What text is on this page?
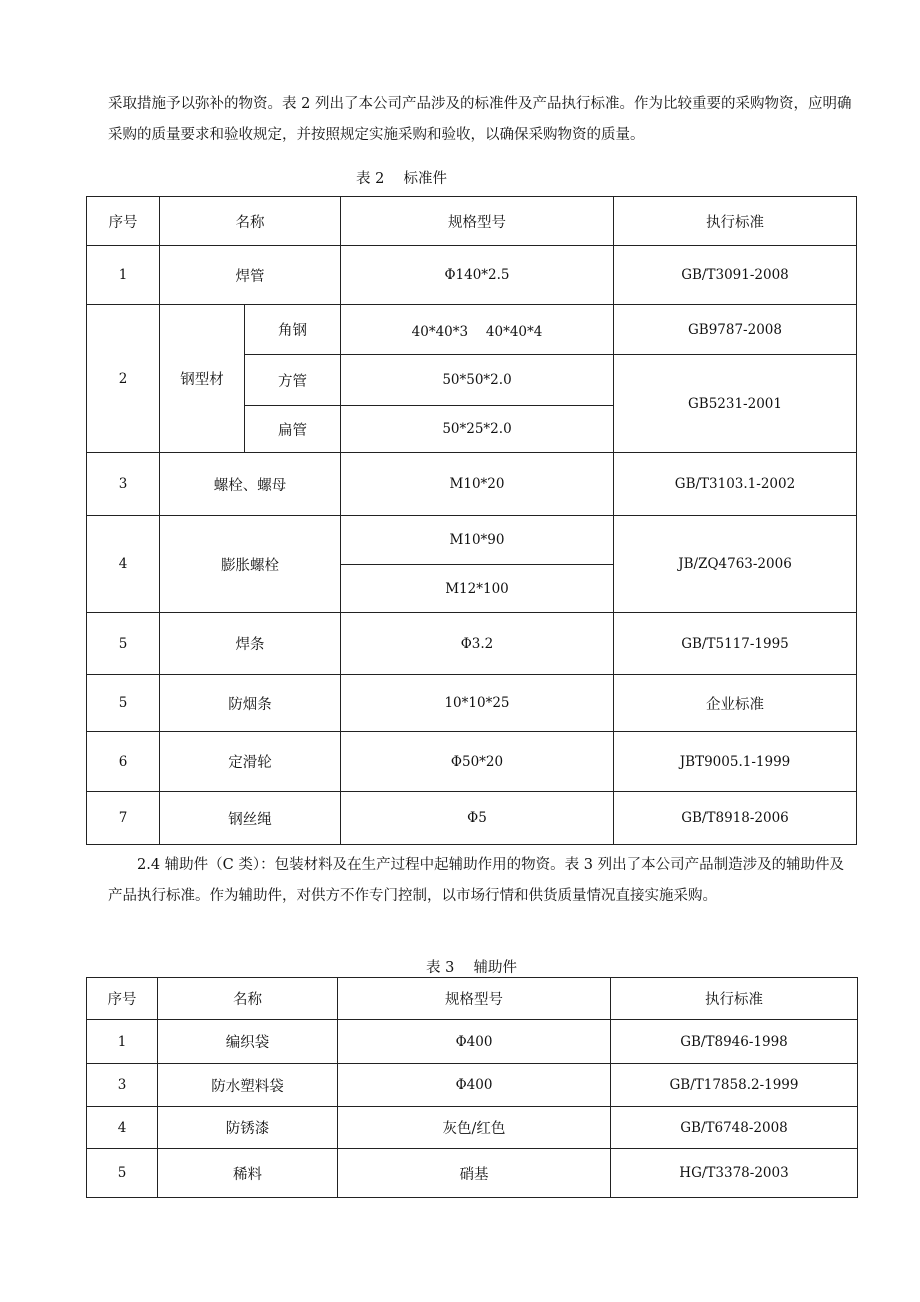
采取措施予以弥补的物资。表 2 列出了本公司产品涉及的标准件及产品执行标准。作为比较重要的采购物资，应明确采购的质量要求和验收规定，并按照规定实施采购和验收，以确保采购物资的质量。

表 2　 标准件
序号	名称		规格型号	执行标准
1	焊管		Φ140*2.5	GB/T3091-2008
2	钢型材	角钢	40*40*3　 40*40*4	GB9787-2008
		方管	50*50*2.0	GB5231-2001
		扁管	50*25*2.0	
3	螺栓、螺母		M10*20	GB/T3103.1-2002
4	膨胀螺栓		M10*90	JB/ZQ4763-2006
			M12*100	
5	焊条		Φ3.2	GB/T5117-1995
5	防烟条		10*10*25	企业标准
6	定滑轮		Φ50*20	JBT9005.1-1999
7	钢丝绳		Φ5	GB/T8918-2006

2.4 辅助件（C 类）：包装材料及在生产过程中起辅助作用的物资。表 3 列出了本公司产品制造涉及的辅助件及产品执行标准。作为辅助件，对供方不作专门控制，以市场行情和供货质量情况直接实施采购。

表 3　 辅助件
序号	名称	规格型号	执行标准
1	编织袋	Φ400	GB/T8946-1998
3	防水塑料袋	Φ400	GB/T17858.2-1999
4	防锈漆	灰色/红色	GB/T6748-2008
5	稀料	硝基	HG/T3378-2003
